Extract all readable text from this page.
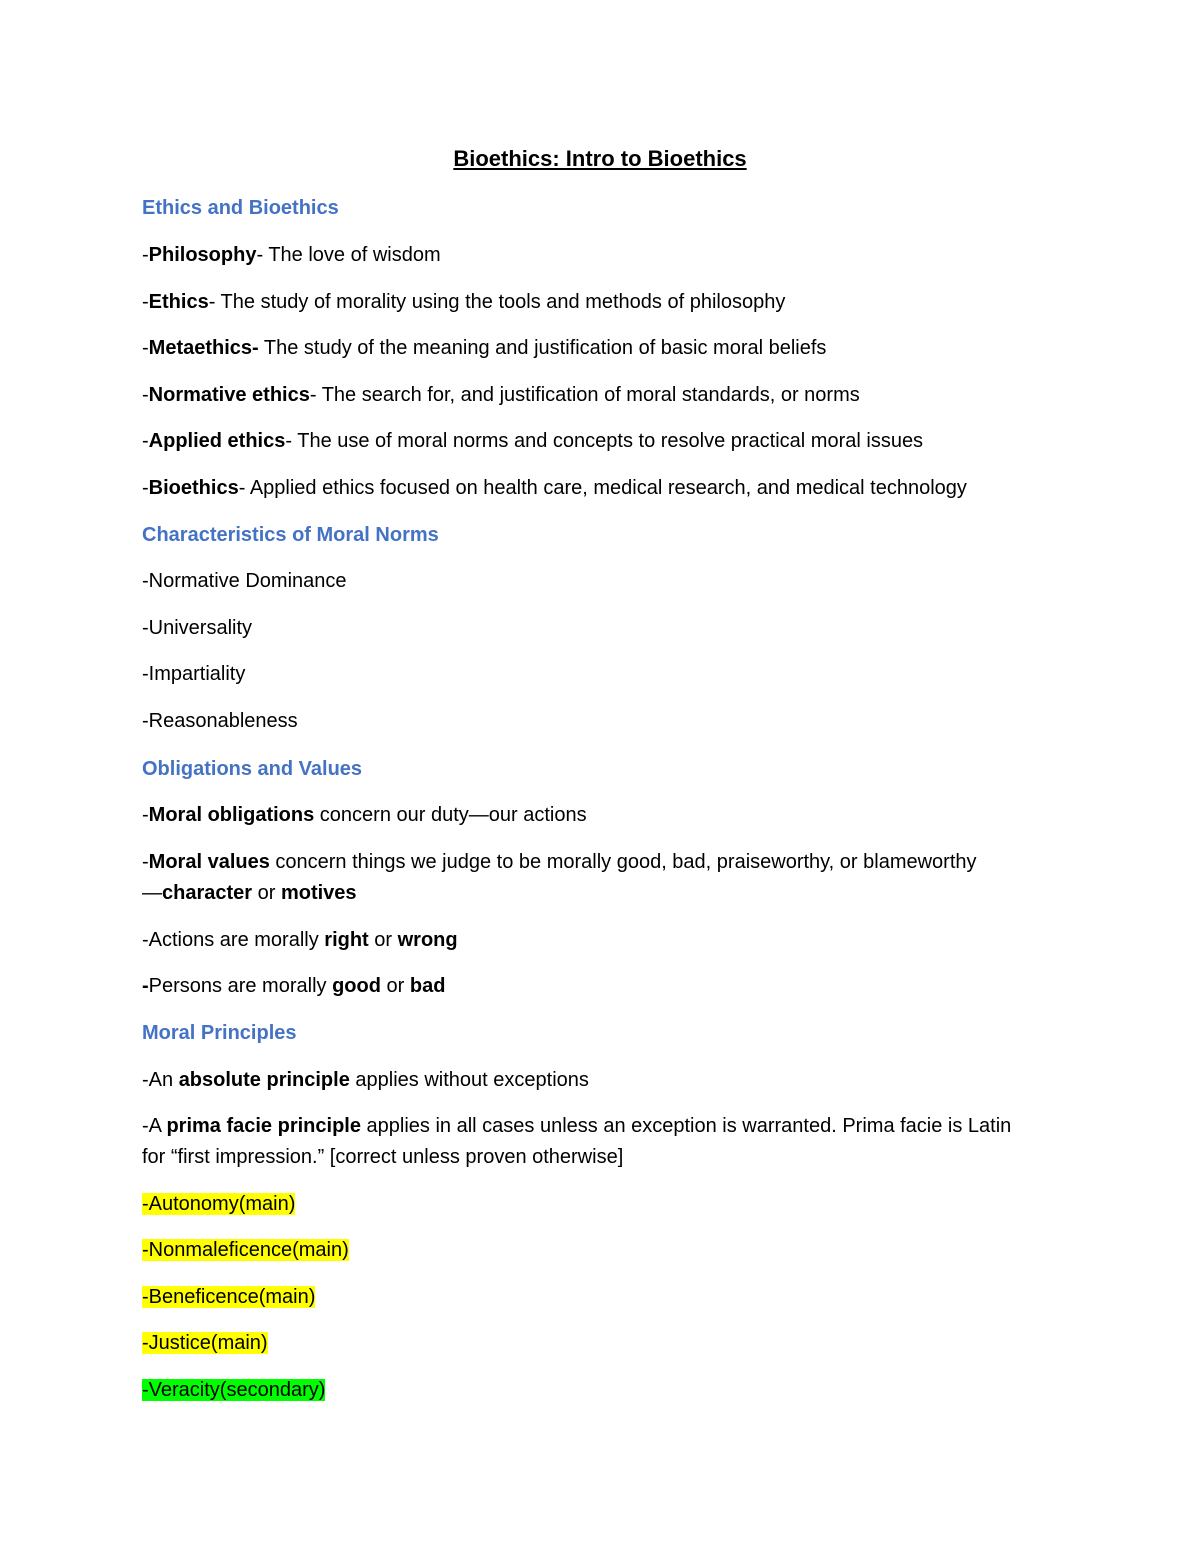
Bioethics: Intro to Bioethics
Ethics and Bioethics
-Philosophy- The love of wisdom
-Ethics- The study of morality using the tools and methods of philosophy
-Metaethics- The study of the meaning and justification of basic moral beliefs
-Normative ethics- The search for, and justification of moral standards, or norms
-Applied ethics- The use of moral norms and concepts to resolve practical moral issues
-Bioethics- Applied ethics focused on health care, medical research, and medical technology
Characteristics of Moral Norms
-Normative Dominance
-Universality
-Impartiality
-Reasonableness
Obligations and Values
-Moral obligations concern our duty—our actions
-Moral values concern things we judge to be morally good, bad, praiseworthy, or blameworthy
—character or motives
-Actions are morally right or wrong
-Persons are morally good or bad
Moral Principles
-An absolute principle applies without exceptions
-A prima facie principle applies in all cases unless an exception is warranted. Prima facie is Latin
for “first impression.” [correct unless proven otherwise]
-Autonomy(main)
-Nonmaleficence(main)
-Beneficence(main)
-Justice(main)
-Veracity(secondary)
